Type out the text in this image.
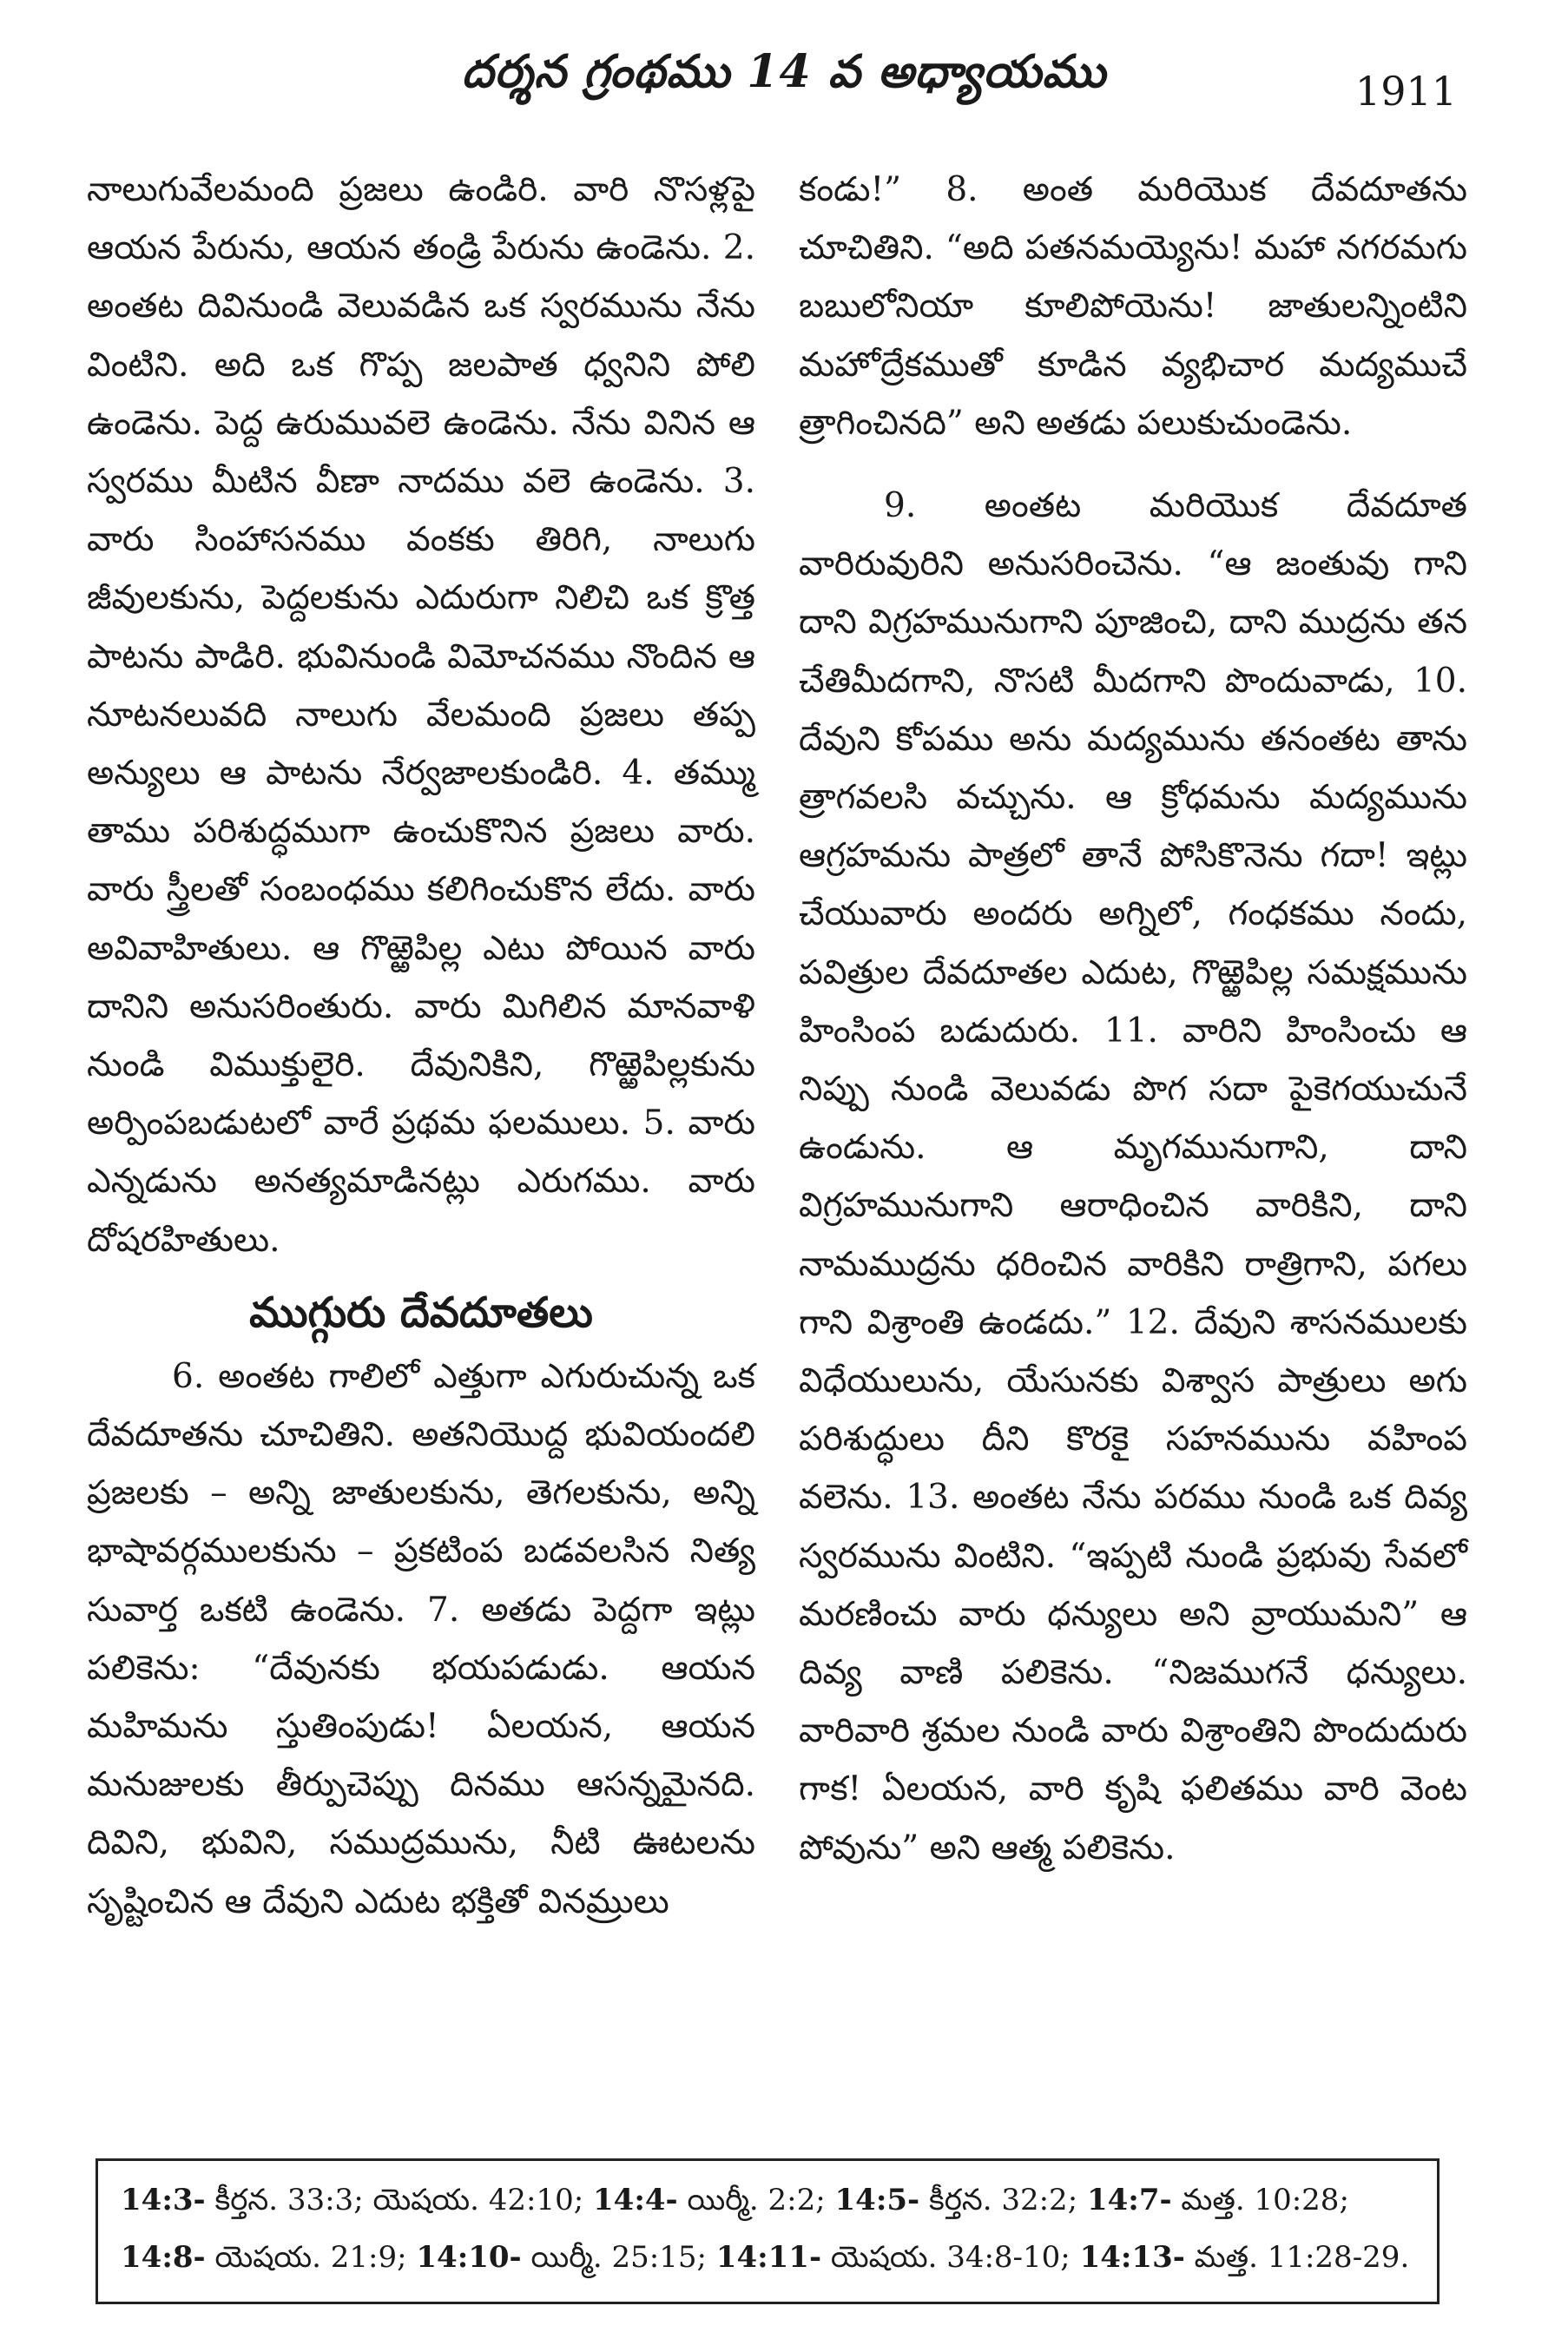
దర్శన గ్రంథము 14 వ అధ్యాయము	1911

నాలుగువేలమంది ప్రజలు ఉండిరి. వారి నొసళ్లపై ఆయన పేరును, ఆయన తండ్రి పేరును ఉండెను. 2. అంతట దివినుండి వెలువడిన ఒక స్వరమును నేను వింటిని. అది ఒక గొప్ప జలపాత ధ్వనిని పోలి ఉండెను. పెద్ద ఉరుమువలె ఉండెను. నేను వినిన ఆ స్వరము మీటిన వీణా నాదము వలె ఉండెను. 3. వారు సింహాసనము వంకకు తిరిగి, నాలుగు జీవులకును, పెద్దలకును ఎదురుగా నిలిచి ఒక క్రొత్త పాటను పాడిరి. భువినుండి విమోచనము నొందిన ఆ నూటనలువది నాలుగు వేలమంది ప్రజలు తప్ప అన్యులు ఆ పాటను నేర్వజాలకుండిరి. 4. తమ్ము తాము పరిశుద్ధముగా ఉంచుకొనిన ప్రజలు వారు. వారు స్త్రీలతో సంబంధము కలిగించుకొన లేదు. వారు అవివాహితులు. ఆ గొఱ్ఱెపిల్ల ఎటు పోయిన వారు దానిని అనుసరింతురు. వారు మిగిలిన మానవాళి నుండి విముక్తులైరి. దేవునికిని, గొఱ్ఱెపిల్లకును అర్పింపబడుటలో వారే ప్రథమ ఫలములు. 5. వారు ఎన్నడును అనత్యమాడినట్లు ఎరుగము. వారు దోషరహితులు.

ముగ్గురు దేవదూతలు

6. అంతట గాలిలో ఎత్తుగా ఎగురుచున్న ఒక దేవదూతను చూచితిని. అతనియొద్ద భువియందలి ప్రజలకు – అన్ని జాతులకును, తెగలకును, అన్ని భాషావర్గములకును – ప్రకటింప బడవలసిన నిత్య సువార్త ఒకటి ఉండెను. 7. అతడు పెద్దగా ఇట్లు పలికెను: “దేవునకు భయపడుడు. ఆయన మహిమను స్తుతింపుడు! ఏలయన, ఆయన మనుజులకు తీర్పుచెప్పు దినము ఆసన్నమైనది. దివిని, భువిని, సముద్రమును, నీటి ఊటలను సృష్టించిన ఆ దేవుని ఎదుట భక్తితో వినమ్రులు

కండు!” 8. అంత మరియొక దేవదూతను చూచితిని. “అది పతనమయ్యెను! మహా నగరమగు బబులోనియా కూలిపోయెను! జాతులన్నింటిని మహోద్రేకముతో కూడిన వ్యభిచార మద్యముచే త్రాగించినది” అని అతడు పలుకుచుండెను.

9. అంతట మరియొక దేవదూత వారిరువురిని అనుసరించెను. “ఆ జంతువు గాని దాని విగ్రహమునుగాని పూజించి, దాని ముద్రను తన చేతిమీదగాని, నొసటి మీదగాని పొందువాడు, 10. దేవుని కోపము అను మద్యమును తనంతట తాను త్రాగవలసి వచ్చును. ఆ క్రోధమను మద్యమును ఆగ్రహమను పాత్రలో తానే పోసికొనెను గదా! ఇట్లు చేయువారు అందరు అగ్నిలో, గంధకము నందు, పవిత్రుల దేవదూతల ఎదుట, గొఱ్ఱెపిల్ల సమక్షమును హింసింప బడుదురు. 11. వారిని హింసించు ఆ నిప్పు నుండి వెలువడు పొగ సదా పైకెగయుచునే ఉండును. ఆ మృగమునుగాని, దాని విగ్రహమునుగాని ఆరాధించిన వారికిని, దాని నామముద్రను ధరించిన వారికిని రాత్రిగాని, పగలు గాని విశ్రాంతి ఉండదు.” 12. దేవుని శాసనములకు విధేయులును, యేసునకు విశ్వాస పాత్రులు అగు పరిశుద్ధులు దీని కొరకై సహనమును వహింప వలెను. 13. అంతట నేను పరము నుండి ఒక దివ్య స్వరమును వింటిని. “ఇప్పటి నుండి ప్రభువు సేవలో మరణించు వారు ధన్యులు అని వ్రాయుమని” ఆ దివ్య వాణి పలికెను. “నిజముగనే ధన్యులు. వారివారి శ్రమల నుండి వారు విశ్రాంతిని పొందుదురు గాక! ఏలయన, వారి కృషి ఫలితము వారి వెంట పోవును” అని ఆత్మ పలికెను.

14:3- కీర్తన. 33:3; యెషయ. 42:10; 14:4- యిర్మీ. 2:2; 14:5- కీర్తన. 32:2; 14:7- మత్త. 10:28;
14:8- యెషయ. 21:9; 14:10- యిర్మీ. 25:15; 14:11- యెషయ. 34:8-10; 14:13- మత్త. 11:28-29.
